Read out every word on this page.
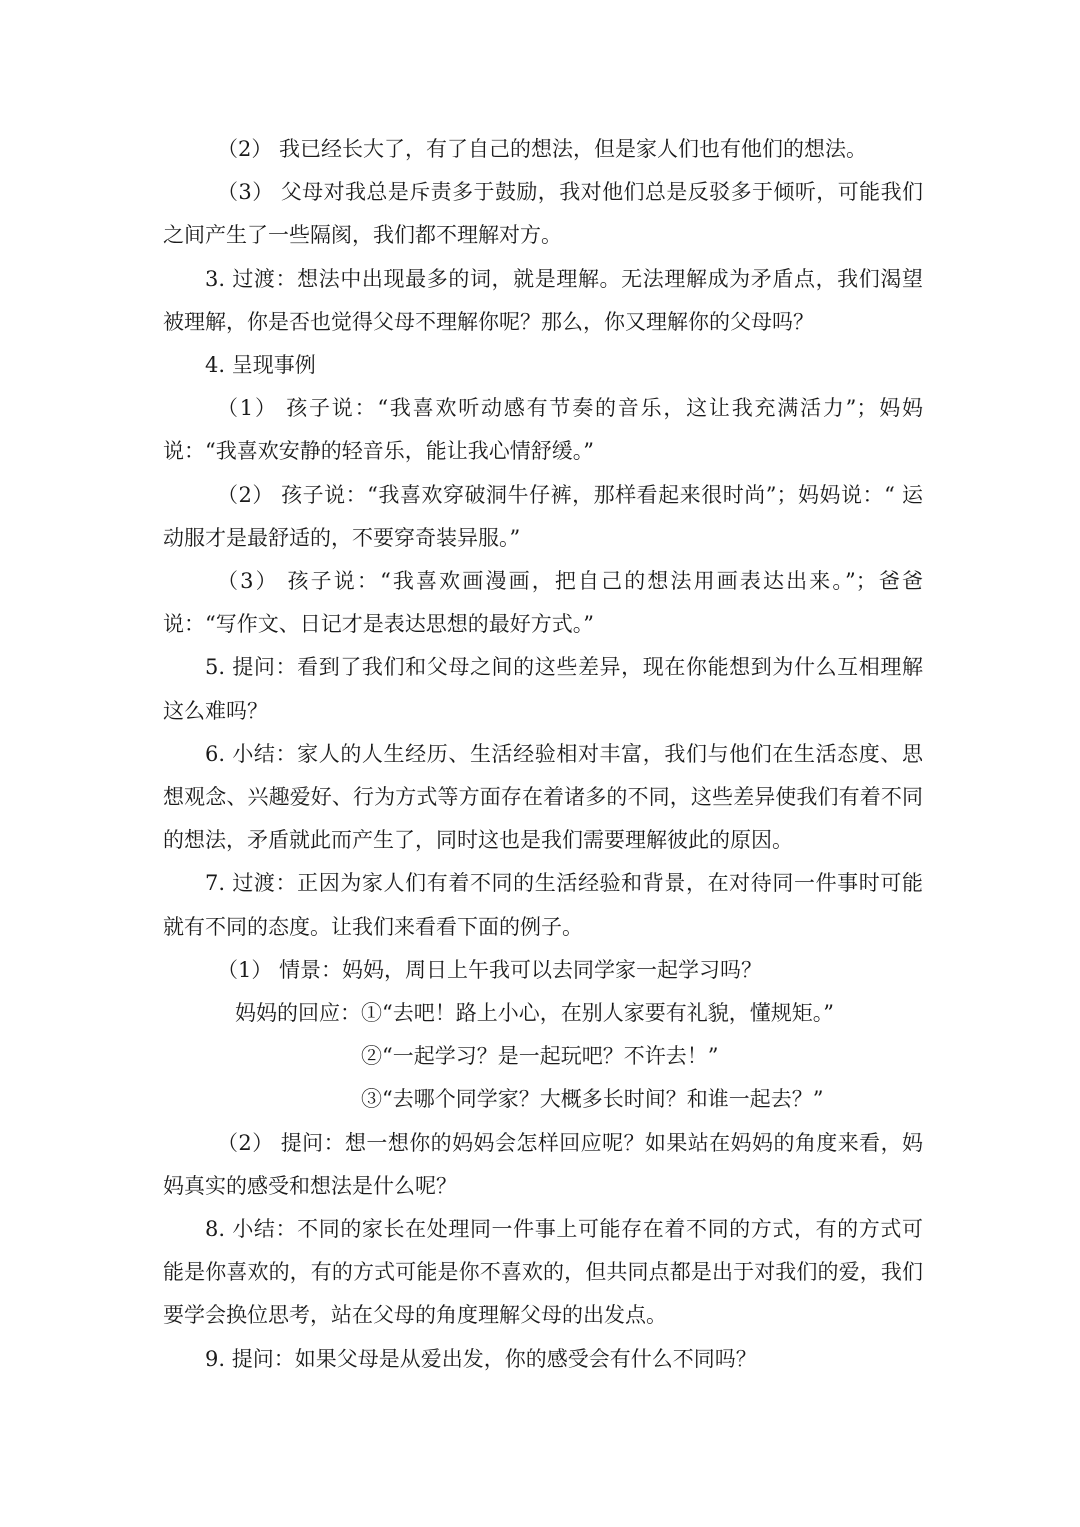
（2） 我已经长大了，有了自己的想法，但是家人们也有他们的想法。

（3） 父母对我总是斥责多于鼓励，我对他们总是反驳多于倾听，可能我们之间产生了一些隔阂，我们都不理解对方。

3. 过渡：想法中出现最多的词，就是理解。无法理解成为矛盾点，我们渴望被理解，你是否也觉得父母不理解你呢？那么，你又理解你的父母吗？

4. 呈现事例

（1） 孩子说：“我喜欢听动感有节奏的音乐，这让我充满活力”；妈妈说：“我喜欢安静的轻音乐，能让我心情舒缓。”

（2） 孩子说：“我喜欢穿破洞牛仔裤，那样看起来很时尚”；妈妈说：“ 运动服才是最舒适的，不要穿奇装异服。”

（3） 孩子说：“我喜欢画漫画，把自己的想法用画表达出来。”；爸爸说：“写作文、日记才是表达思想的最好方式。”

5. 提问：看到了我们和父母之间的这些差异，现在你能想到为什么互相理解这么难吗？

6. 小结：家人的人生经历、生活经验相对丰富，我们与他们在生活态度、思想观念、兴趣爱好、行为方式等方面存在着诸多的不同，这些差异使我们有着不同的想法，矛盾就此而产生了，同时这也是我们需要理解彼此的原因。

7. 过渡：正因为家人们有着不同的生活经验和背景，在对待同一件事时可能就有不同的态度。让我们来看看下面的例子。

（1） 情景：妈妈，周日上午我可以去同学家一起学习吗？

妈妈的回应：①“去吧！路上小心，在别人家要有礼貌，懂规矩。”

②“一起学习？是一起玩吧？不许去！”

③“去哪个同学家？大概多长时间？和谁一起去？”

（2） 提问：想一想你的妈妈会怎样回应呢？如果站在妈妈的角度来看，妈妈真实的感受和想法是什么呢？

8. 小结：不同的家长在处理同一件事上可能存在着不同的方式，有的方式可能是你喜欢的，有的方式可能是你不喜欢的，但共同点都是出于对我们的爱，我们要学会换位思考，站在父母的角度理解父母的出发点。

9. 提问：如果父母是从爱出发，你的感受会有什么不同吗？
